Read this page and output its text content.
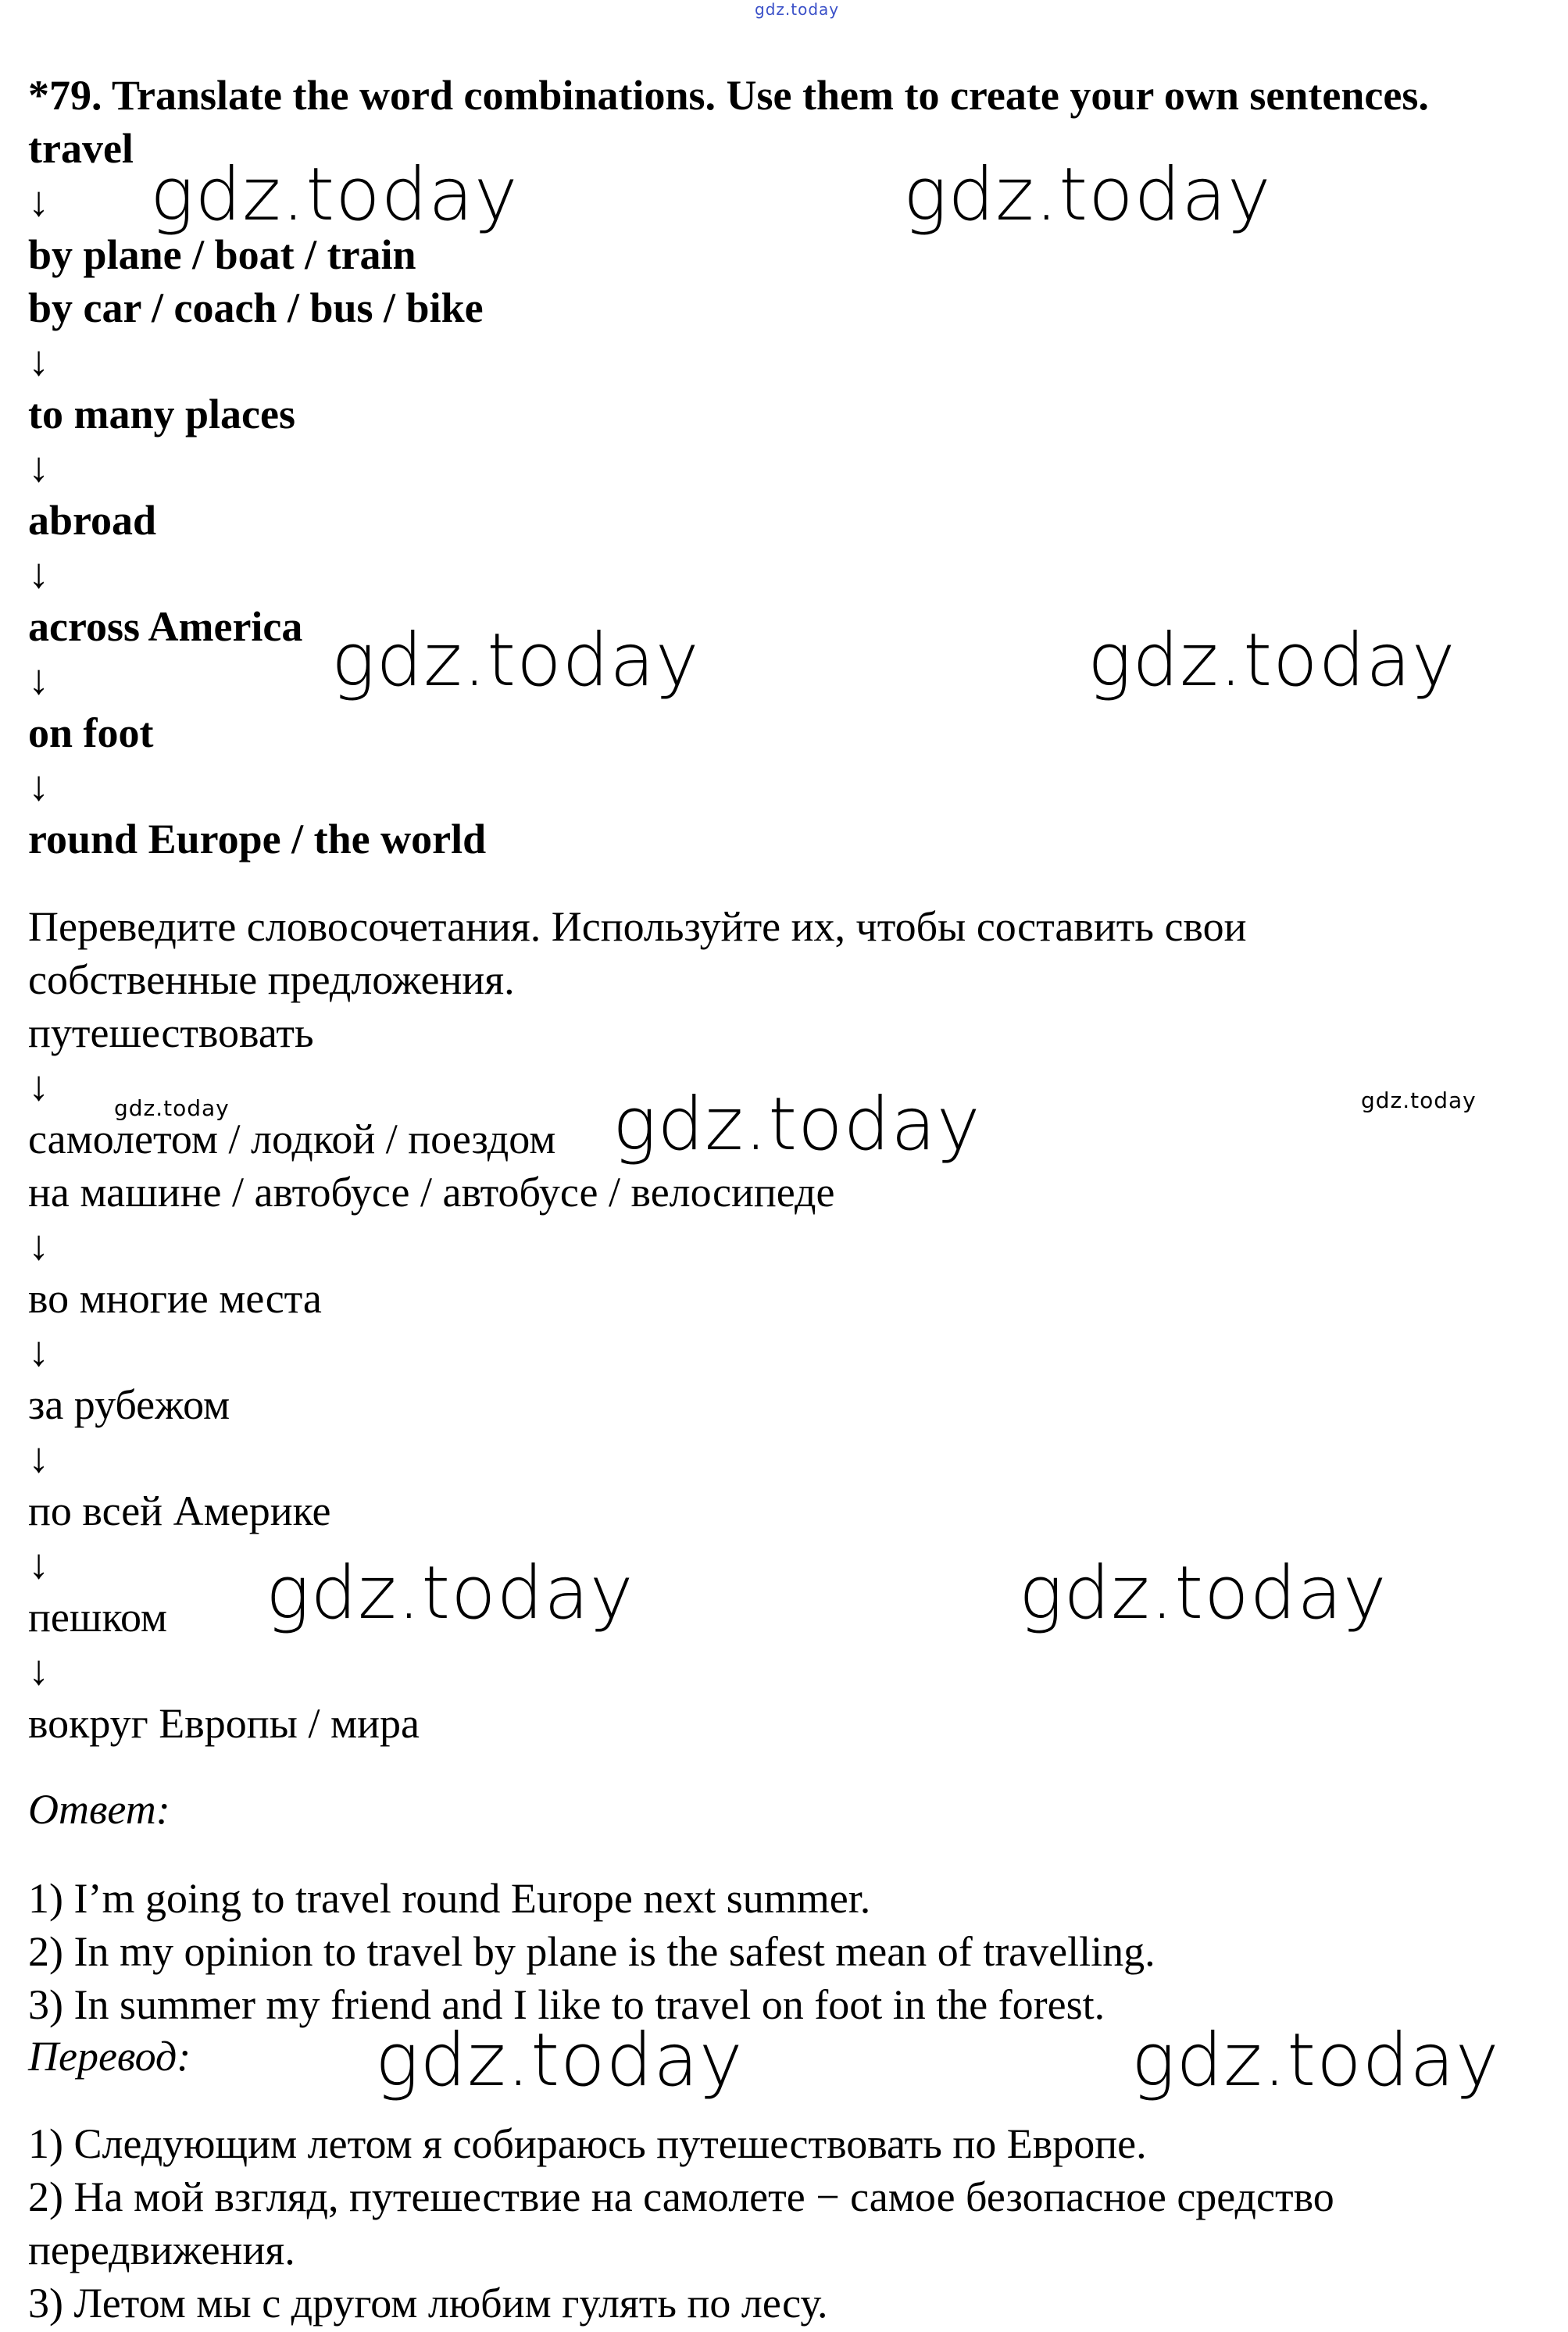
gdz.today
*79. Translate the word combinations. Use them to create your own sentences.
travel
↓
by plane / boat / train
by car / coach / bus / bike
↓
to many places
↓
abroad
↓
across America
↓
on foot
↓
round Europe / the world
Переведите словосочетания. Используйте их, чтобы составить свои
собственные предложения.
путешествовать
↓
самолетом / лодкой / поездом
на машине / автобусе / автобусе / велосипеде
↓
во многие места
↓
за рубежом
↓
по всей Америке
↓
пешком
↓
вокруг Европы / мира
Ответ:
1) I’m going to travel round Europe next summer.
2) In my opinion to travel by plane is the safest mean of travelling.
3) In summer my friend and I like to travel on foot in the forest.
Перевод:
1) Следующим летом я собираюсь путешествовать по Европе.
2) На мой взгляд, путешествие на самолете − самое безопасное средство
передвижения.
3) Летом мы с другом любим гулять по лесу.
gdz.today	gdz.today
gdz.today	gdz.today
gdz.today
gdz.today	gdz.today
gdz.today	gdz.today
gdz.today	gdz.today
